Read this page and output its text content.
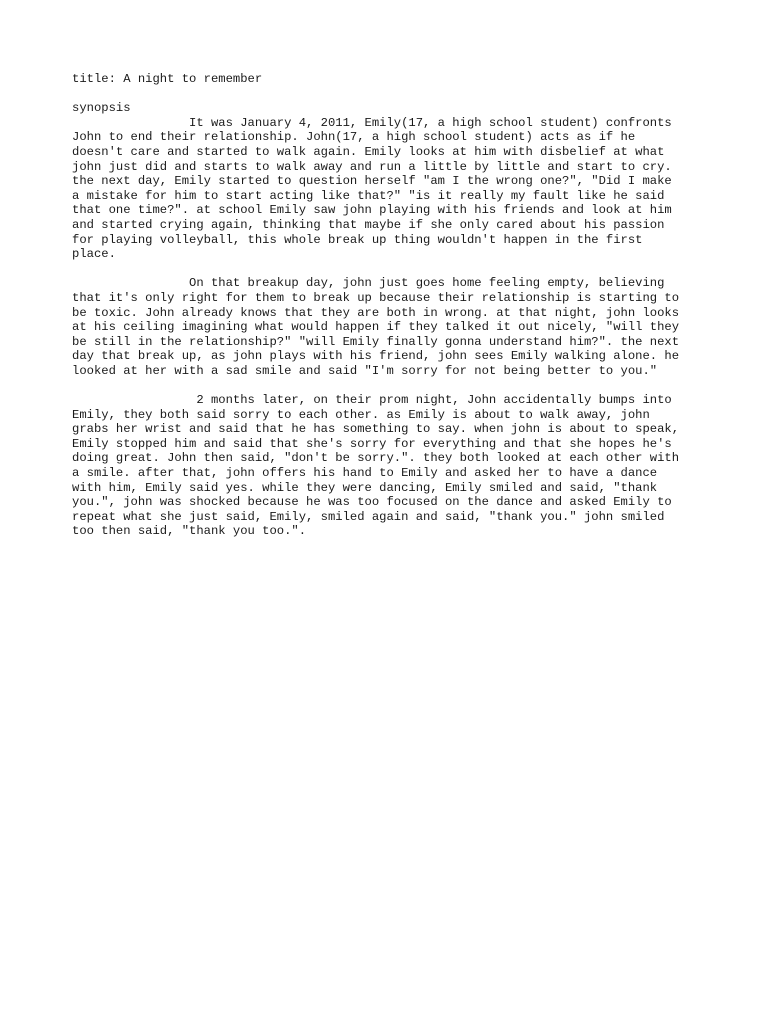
title: A night to remember
synopsis
It was January 4, 2011, Emily(17, a high school student) confronts
John to end their relationship. John(17, a high school student) acts as if he
doesn't care and started to walk again. Emily looks at him with disbelief at what
john just did and starts to walk away and run a little by little and start to cry.
the next day, Emily started to question herself "am I the wrong one?", "Did I make
a mistake for him to start acting like that?" "is it really my fault like he said
that one time?". at school Emily saw john playing with his friends and look at him
and started crying again, thinking that maybe if she only cared about his passion
for playing volleyball, this whole break up thing wouldn't happen in the first
place.
On that breakup day, john just goes home feeling empty, believing
that it's only right for them to break up because their relationship is starting to
be toxic. John already knows that they are both in wrong. at that night, john looks
at his ceiling imagining what would happen if they talked it out nicely, "will they
be still in the relationship?" "will Emily finally gonna understand him?". the next
day that break up, as john plays with his friend, john sees Emily walking alone. he
looked at her with a sad smile and said "I'm sorry for not being better to you."
2 months later, on their prom night, John accidentally bumps into
Emily, they both said sorry to each other. as Emily is about to walk away, john
grabs her wrist and said that he has something to say. when john is about to speak,
Emily stopped him and said that she's sorry for everything and that she hopes he's
doing great. John then said, "don't be sorry.". they both looked at each other with
a smile. after that, john offers his hand to Emily and asked her to have a dance
with him, Emily said yes. while they were dancing, Emily smiled and said, "thank
you.", john was shocked because he was too focused on the dance and asked Emily to
repeat what she just said, Emily, smiled again and said, "thank you." john smiled
too then said, "thank you too.".
